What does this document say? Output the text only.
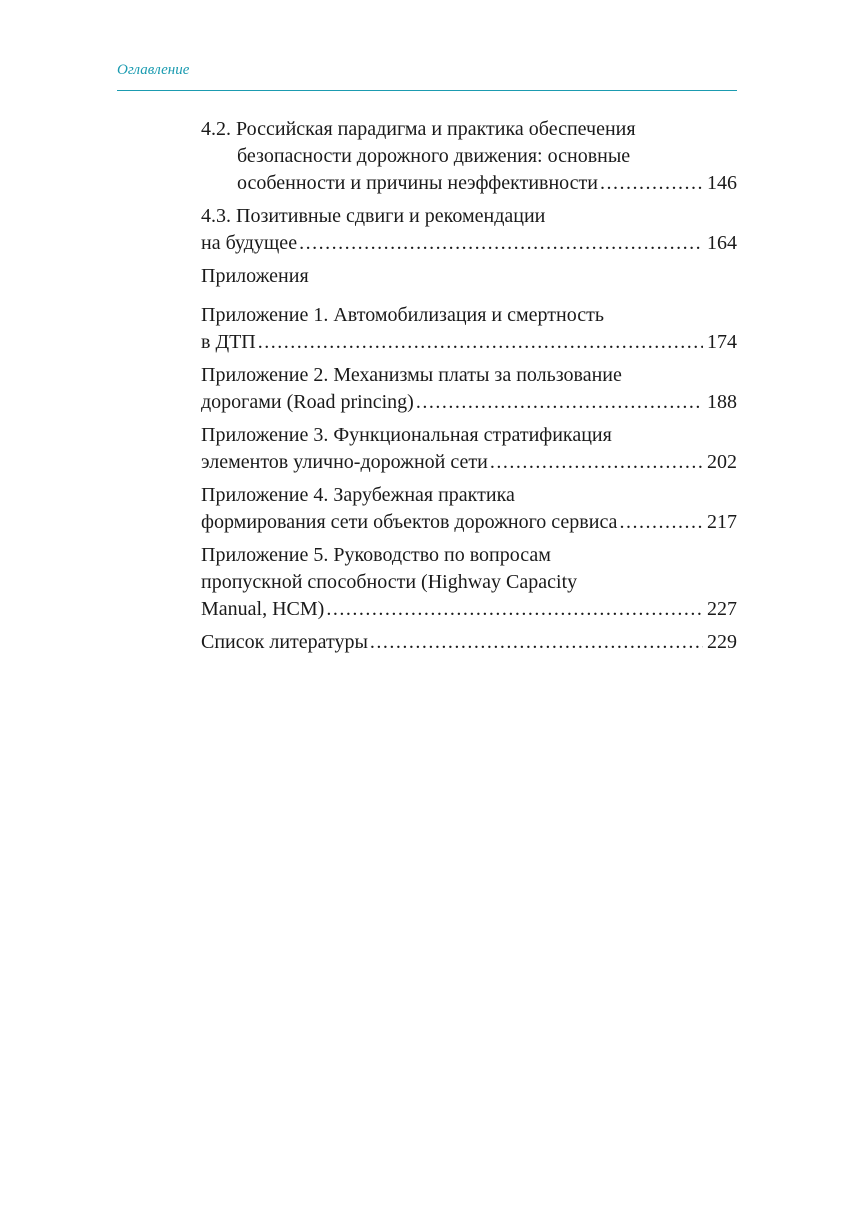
Оглавление
4.2. Российская парадигма и практика обеспечения
безопасности дорожного движения: основные
особенности и причины неэффективности .....	146
4.3. Позитивные сдвиги и рекомендации
на будущее .....	164
Приложения
Приложение 1. Автомобилизация и смертность
в ДТП .....	174
Приложение 2. Механизмы платы за пользование
дорогами (Road princing) .....	188
Приложение 3. Функциональная стратификация
элементов улично-дорожной сети .....	202
Приложение 4. Зарубежная практика
формирования сети объектов дорожного сервиса .....	217
Приложение 5. Руководство по вопросам
пропускной способности (Highway Capacity
Manual, HCM) .....	227
Список литературы .....	229
